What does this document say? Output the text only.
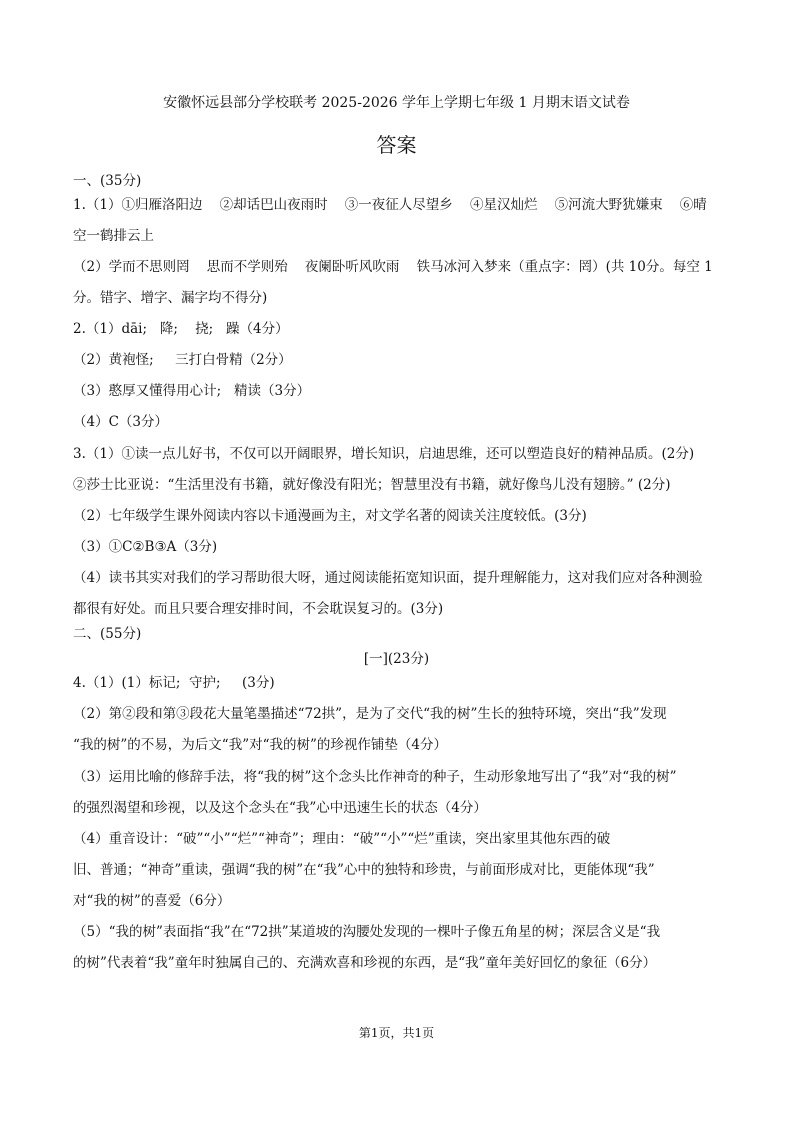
安徽怀远县部分学校联考 2025-2026 学年上学期七年级 1 月期末语文试卷
答案
一、(35分)
1.（1）①归雁洛阳边    ②却话巴山夜雨时    ③一夜征人尽望乡    ④星汉灿烂    ⑤河流大野犹嫌束    ⑥晴
空一鹤排云上
（2）学而不思则罔    思而不学则殆    夜阑卧听风吹雨    铁马冰河入梦来（重点字：罔）(共 10分。每空 1
分。错字、增字、漏字均不得分)
2.（1）dāi;   降;    挠;   躁（4分）
（2）黄袍怪;     三打白骨精（2分）
（3）憨厚又懂得用心计;   精读（3分）
（4）C（3分）
3.（1）①读一点儿好书，不仅可以开阔眼界，增长知识，启迪思维，还可以塑造良好的精神品质。(2分)
②莎士比亚说：“生活里没有书籍，就好像没有阳光；智慧里没有书籍，就好像鸟儿没有翅膀。” (2分)
（2）七年级学生课外阅读内容以卡通漫画为主，对文学名著的阅读关注度较低。(3分)
（3）①C②B③A（3分)
（4）读书其实对我们的学习帮助很大呀，通过阅读能拓宽知识面，提升理解能力，这对我们应对各种测验
都很有好处。而且只要合理安排时间，不会耽误复习的。(3分)
二、(55分)
[一](23分)
4.（1）(1）标记;  守护;     (3分)
（2）第②段和第③段花大量笔墨描述“72拱”，是为了交代“我的树”生长的独特环境，突出“我”发现
“我的树”的不易，为后文“我”对“我的树”的珍视作铺垫（4分）
（3）运用比喻的修辞手法，将“我的树”这个念头比作神奇的种子，生动形象地写出了“我”对“我的树”
的强烈渴望和珍视，以及这个念头在“我”心中迅速生长的状态（4分）
（4）重音设计：“破”“小”“烂”“神奇”；理由：“破”“小”“烂”重读，突出家里其他东西的破
旧、普通；“神奇”重读，强调“我的树”在“我”心中的独特和珍贵，与前面形成对比，更能体现“我”
对“我的树”的喜爱（6分）
（5）“我的树”表面指“我”在“72拱”某道坡的沟腰处发现的一棵叶子像五角星的树；深层含义是“我
的树”代表着“我”童年时独属自己的、充满欢喜和珍视的东西，是“我”童年美好回忆的象征（6分）
第1页，共1页
